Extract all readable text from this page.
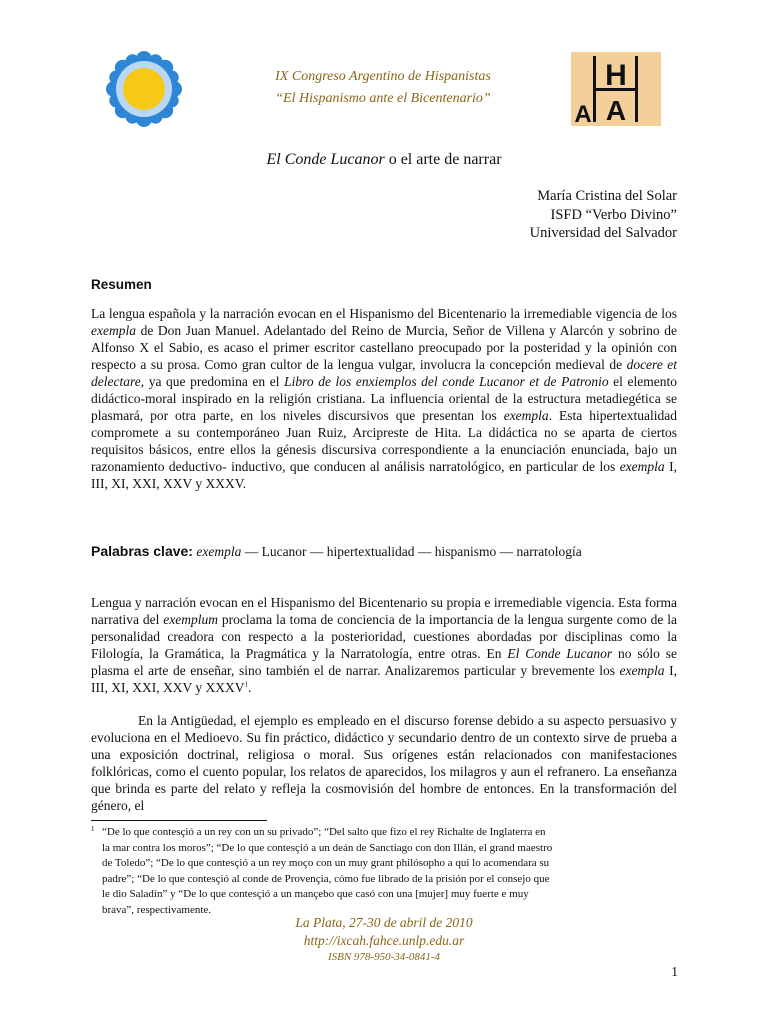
H
A A
IX Congreso Argentino de Hispanistas
“El Hispanismo ante el Bicentenario”
El Conde Lucanor o el arte de narrar
María Cristina del Solar
ISFD “Verbo Divino”
Universidad del Salvador
Resumen
La lengua española y la narración evocan en el Hispanismo del Bicentenario la irremediable vigencia de los exempla de Don Juan Manuel. Adelantado del Reino de Murcia, Señor de Villena y Alarcón y sobrino de Alfonso X el Sabio, es acaso el primer escritor castellano preocupado por la posteridad y la opinión con respecto a su prosa. Como gran cultor de la lengua vulgar, involucra la concepción medieval de docere et delectare, ya que predomina en el Libro de los enxiemplos del conde Lucanor et de Patronio el elemento didáctico-moral inspirado en la religión cristiana. La influencia oriental de la estructura metadiegética se plasmará, por otra parte, en los niveles discursivos que presentan los exempla. Esta hipertextualidad compromete a su contemporáneo Juan Ruiz, Arcipreste de Hita. La didáctica no se aparta de ciertos requisitos básicos, entre ellos la génesis discursiva correspondiente a la enunciación enunciada, bajo un razonamiento deductivo- inductivo, que conducen al análisis narratológico, en particular de los exempla I, III, XI, XXI, XXV y XXXV.
Palabras clave: exempla — Lucanor — hipertextualidad — hispanismo — narratología
Lengua y narración evocan en el Hispanismo del Bicentenario su propia e irremediable vigencia. Esta forma narrativa del exemplum proclama la toma de conciencia de la importancia de la lengua surgente como de la personalidad creadora con respecto a la posterioridad, cuestiones abordadas por disciplinas como la Filología, la Gramática, la Pragmática y la Narratología, entre otras. En El Conde Lucanor no sólo se plasma el arte de enseñar, sino también el de narrar. Analizaremos particular y brevemente los exempla I, III, XI, XXI, XXV y XXXV$^1$.
En la Antigüedad, el ejemplo es empleado en el discurso forense debido a su aspecto persuasivo y evoluciona en el Medioevo. Su fin práctico, didáctico y secundario dentro de un contexto sirve de prueba a una exposición doctrinal, religiosa o moral. Sus orígenes están relacionados con manifestaciones folklóricas, como el cuento popular, los relatos de aparecidos, los milagros y aun el refranero. La enseñanza que brinda es parte del relato y refleja la cosmovisión del hombre de entonces. En la transformación del género, el
1 “De lo que contesçió a un rey con un su privado”; “Del salto que fizo el rey Richalte de Inglaterra en
la mar contra los moros”; “De lo que contesçió a un deán de Sanctiago con don Illán, el grand maestro
de Toledo”; “De lo que contesçió a un rey moço con un muy grant philósopho a qui lo acomendara su
padre”; “De lo que contesçió al conde de Provençia, cómo fue librado de la prisión por el consejo que
le dio Saladín” y “De lo que contesçió a un mançebo que casó con una [mujer] muy fuerte e muy
brava”, respectivamente.
La Plata, 27-30 de abril de 2010
http://ixcah.fahce.unlp.edu.ar
ISBN 978-950-34-0841-4
1
